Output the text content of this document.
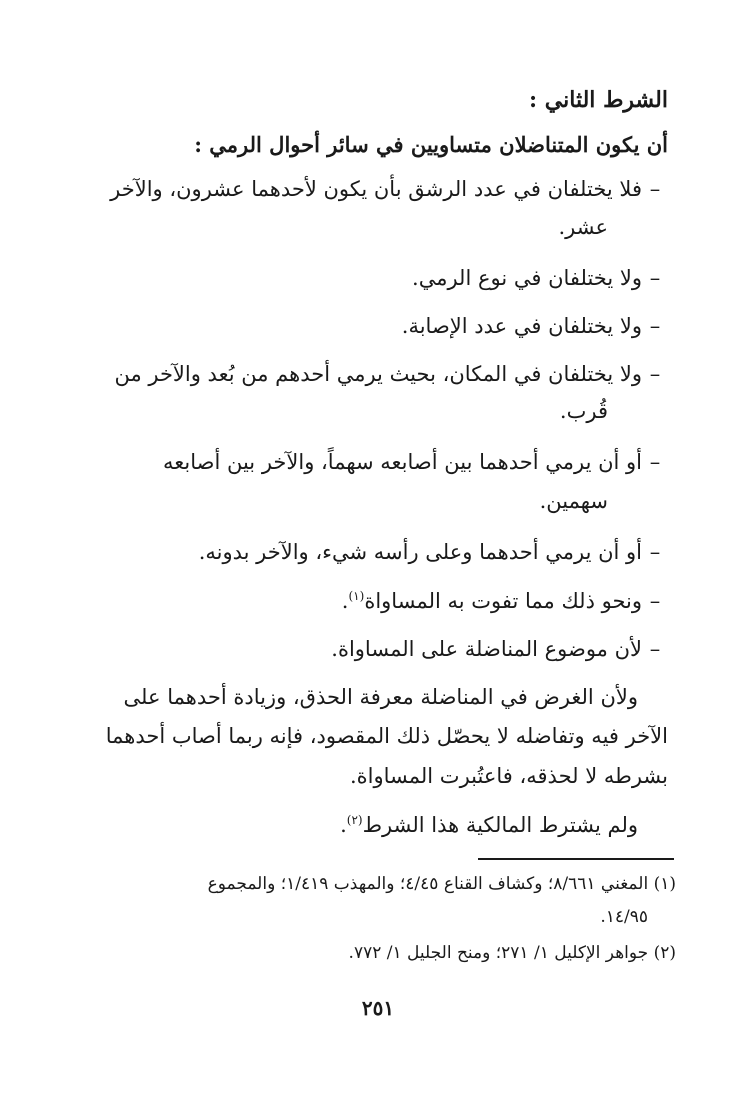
الشرط الثاني :
أن يكون المتناضلان متساويين في سائر أحوال الرمي :
–فلا يختلفان في عدد الرشق بأن يكون لأحدهما عشرون، والآخر
عشر.
–ولا يختلفان في نوع الرمي.
–ولا يختلفان في عدد الإصابة.
–ولا يختلفان في المكان، بحيث يرمي أحدهم من بُعد والآخر من
قُرب.
–أو أن يرمي أحدهما بين أصابعه سهماً، والآخر بين أصابعه
سهمين.
–أو أن يرمي أحدهما وعلى رأسه شيء، والآخر بدونه.
–ونحو ذلك مما تفوت به المساواة$^{(١)}$.
–لأن موضوع المناضلة على المساواة.
ولأن الغرض في المناضلة معرفة الحذق، وزيادة أحدهما على
الآخر فيه وتفاضله لا يحصّل ذلك المقصود، فإنه ربما أصاب أحدهما
بشرطه لا لحذقه، فاعتُبرت المساواة.
ولم يشترط المالكية هذا الشرط$^{(٢)}$.
(١) المغني ٨/٦٦١؛ وكشاف القناع ٤/٤٥؛ والمهذب ١/٤١٩؛ والمجموع
١٤/٩٥.
(٢) جواهر الإكليل ١/ ٢٧١؛ ومنح الجليل ١/ ٧٧٢.
٢٥١
